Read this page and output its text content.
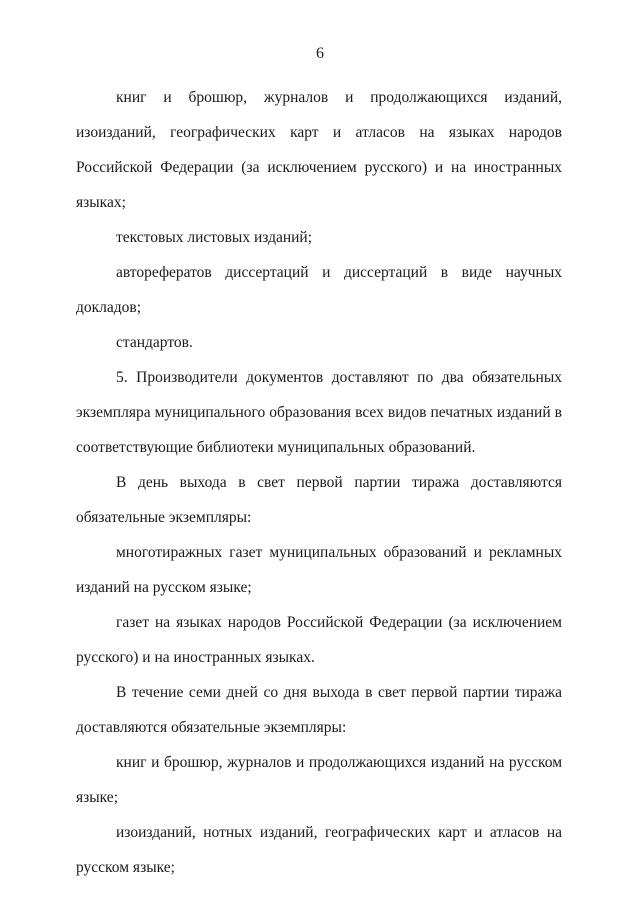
6

книг и брошюр, журналов и продолжающихся изданий, изоизданий, географических карт и атласов на языках народов Российской Федерации (за исключением русского) и на иностранных языках;

текстовых листовых изданий;

авторефератов диссертаций и диссертаций в виде научных докладов;

стандартов.

5. Производители документов доставляют по два обязательных экземпляра муниципального образования всех видов печатных изданий в соответствующие библиотеки муниципальных образований.

В день выхода в свет первой партии тиража доставляются обязательные экземпляры:

многотиражных газет муниципальных образований и рекламных изданий на русском языке;

газет на языках народов Российской Федерации (за исключением русского) и на иностранных языках.

В течение семи дней со дня выхода в свет первой партии тиража доставляются обязательные экземпляры:

книг и брошюр, журналов и продолжающихся изданий на русском языке;

изоизданий, нотных изданий, географических карт и атласов на русском языке;
